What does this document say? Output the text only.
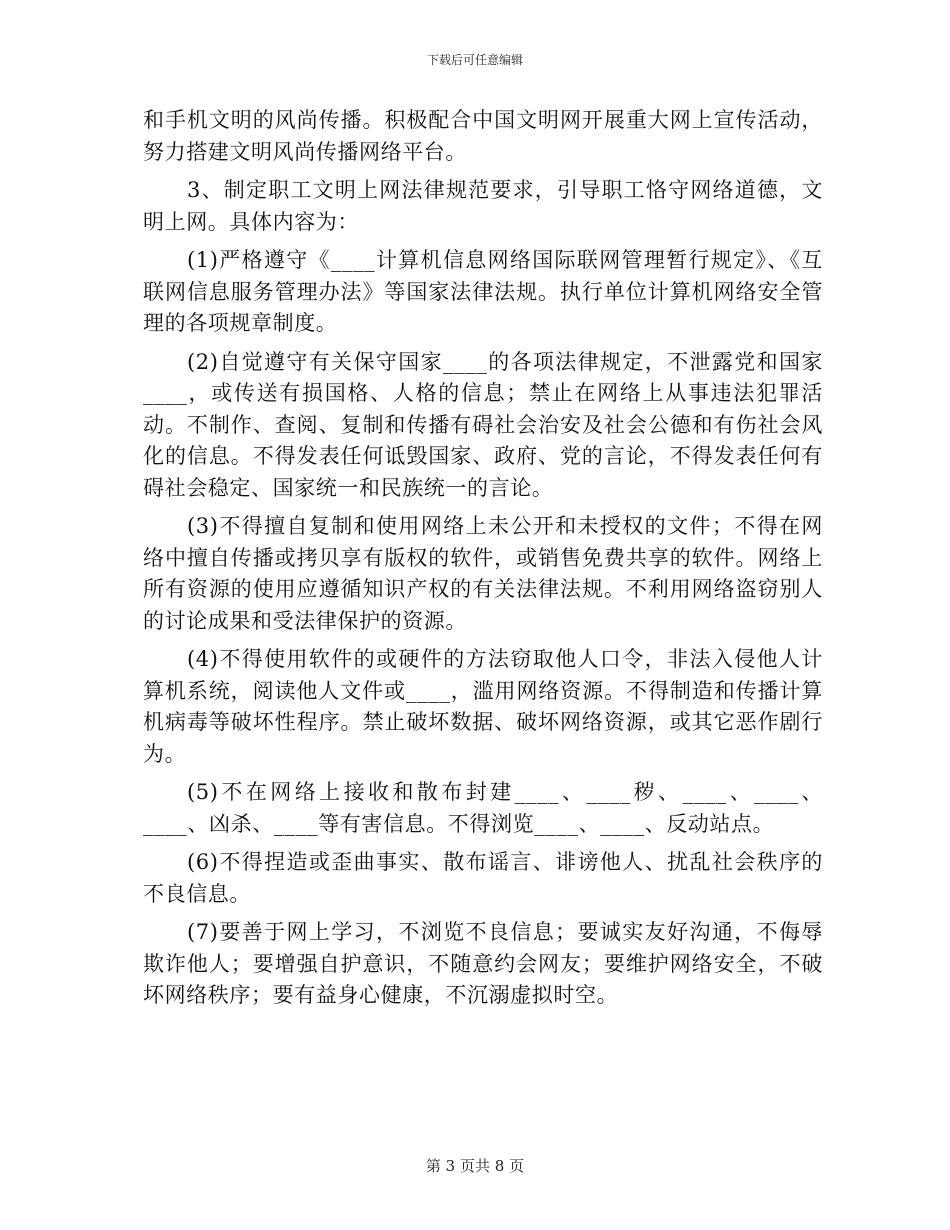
下载后可任意编辑

和手机文明的风尚传播。积极配合中国文明网开展重大网上宣传活动，努力搭建文明风尚传播网络平台。

3、制定职工文明上网法律规范要求，引导职工恪守网络道德，文明上网。具体内容为：

(1)严格遵守《____计算机信息网络国际联网管理暂行规定》、《互联网信息服务管理办法》等国家法律法规。执行单位计算机网络安全管理的各项规章制度。

(2)自觉遵守有关保守国家____的各项法律规定，不泄露党和国家____，或传送有损国格、人格的信息；禁止在网络上从事违法犯罪活动。不制作、查阅、复制和传播有碍社会治安及社会公德和有伤社会风化的信息。不得发表任何诋毁国家、政府、党的言论，不得发表任何有碍社会稳定、国家统一和民族统一的言论。

(3)不得擅自复制和使用网络上未公开和未授权的文件；不得在网络中擅自传播或拷贝享有版权的软件，或销售免费共享的软件。网络上所有资源的使用应遵循知识产权的有关法律法规。不利用网络盗窃别人的讨论成果和受法律保护的资源。

(4)不得使用软件的或硬件的方法窃取他人口令，非法入侵他人计算机系统，阅读他人文件或____，滥用网络资源。不得制造和传播计算机病毒等破坏性程序。禁止破坏数据、破坏网络资源，或其它恶作剧行为。

(5)不在网络上接收和散布封建____、____秽、____、____、____、凶杀、____等有害信息。不得浏览____、____、反动站点。

(6)不得捏造或歪曲事实、散布谣言、诽谤他人、扰乱社会秩序的不良信息。

(7)要善于网上学习，不浏览不良信息；要诚实友好沟通，不侮辱欺诈他人；要增强自护意识，不随意约会网友；要维护网络安全，不破坏网络秩序；要有益身心健康，不沉溺虚拟时空。

第 3 页共 8 页
